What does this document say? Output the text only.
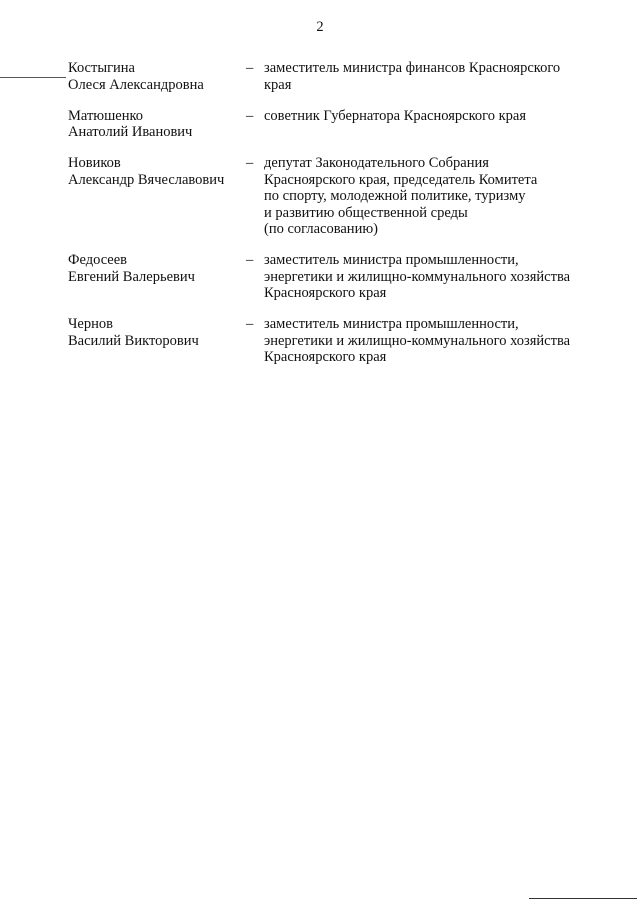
2
Костыгина
Олеся Александровна
– заместитель министра финансов Красноярского
края
Матюшенко
Анатолий Иванович
– советник Губернатора Красноярского края

Новиков
Александр Вячеславович
– депутат Законодательного Собрания
Красноярского края, председатель Комитета
по спорту, молодежной политике, туризму
и развитию общественной среды
(по согласованию)
Федосеев
Евгений Валерьевич
– заместитель министра промышленности,
энергетики и жилищно-коммунального хозяйства
Красноярского края
Чернов
Василий Викторович
– заместитель министра промышленности,
энергетики и жилищно-коммунального хозяйства
Красноярского края
